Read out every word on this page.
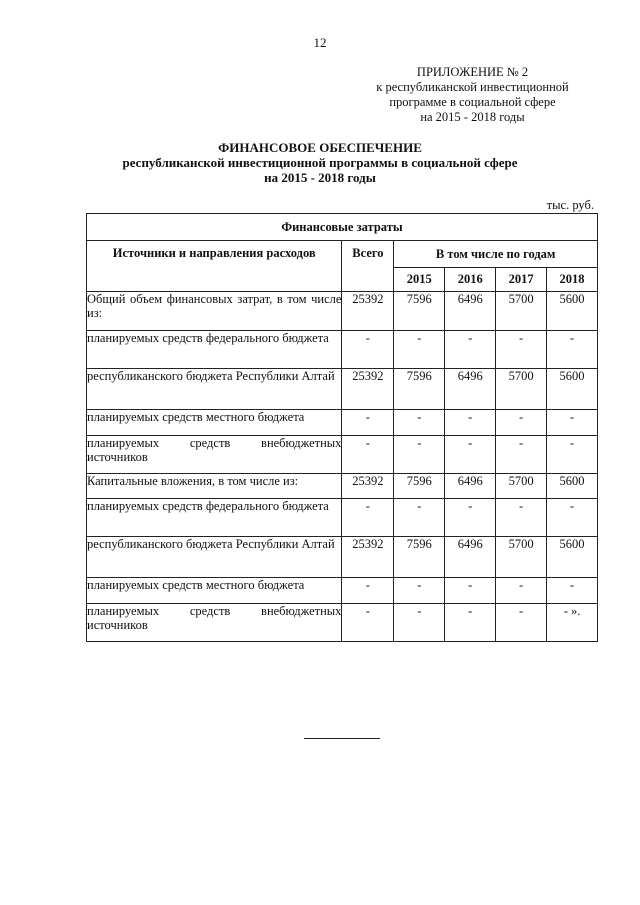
12
ПРИЛОЖЕНИЕ № 2
к республиканской инвестиционной
программе в социальной сфере
на 2015 - 2018 годы
ФИНАНСОВОЕ ОБЕСПЕЧЕНИЕ
республиканской инвестиционной программы в социальной сфере
на 2015 - 2018 годы
тыс. руб.
Финансовые затраты					
Источники и направления расходов	Всего	В том числе по годам			
		2015	2016	2017	2018
Общий объем финансовых затрат, в том числе из:	25392	7596	6496	5700	5600
планируемых средств федерального бюджета	-	-	-	-	-
республиканского бюджета Республики Алтай	25392	7596	6496	5700	5600
планируемых средств местного бюджета	-	-	-	-	-
планируемых средств внебюджетных источников	-	-	-	-	-
Капитальные вложения, в том числе из:	25392	7596	6496	5700	5600
планируемых средств федерального бюджета	-	-	-	-	-
республиканского бюджета Республики Алтай	25392	7596	6496	5700	5600
планируемых средств местного бюджета	-	-	-	-	-
планируемых средств внебюджетных источников	-	-	-	-	- ».
